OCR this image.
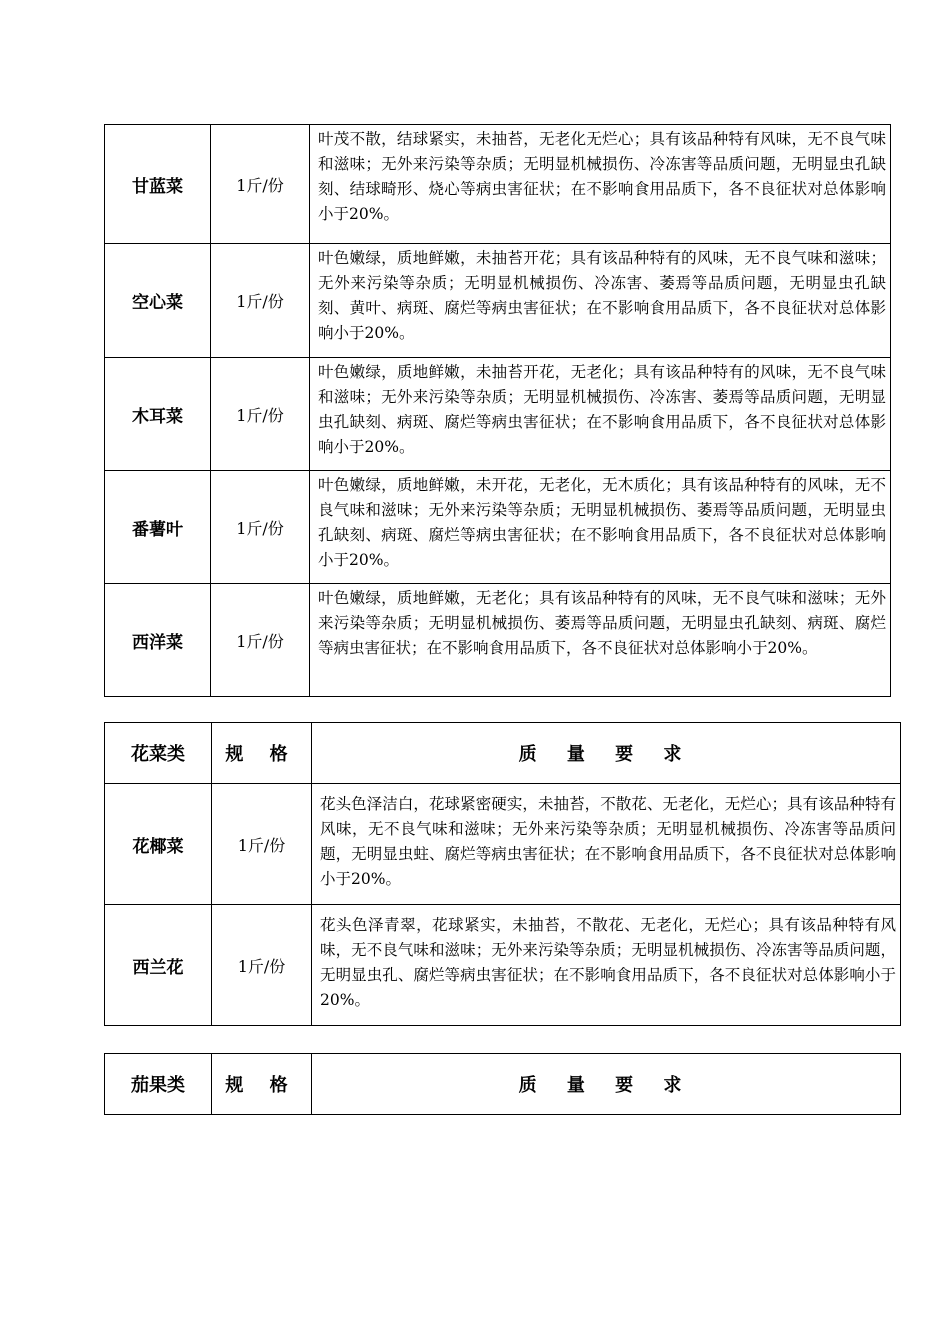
甘蓝菜	1斤/份	叶茂不散，结球紧实，未抽苔，无老化无烂心；具有该品种特有风味，无不良气味和滋味；无外来污染等杂质；无明显机械损伤、冷冻害等品质问题，无明显虫孔缺刻、结球畸形、烧心等病虫害征状；在不影响食用品质下，各不良征状对总体影响小于20%。
空心菜	1斤/份	叶色嫩绿，质地鲜嫩，未抽苔开花；具有该品种特有的风味，无不良气味和滋味；无外来污染等杂质；无明显机械损伤、冷冻害、萎焉等品质问题，无明显虫孔缺刻、黄叶、病斑、腐烂等病虫害征状；在不影响食用品质下，各不良征状对总体影响小于20%。
木耳菜	1斤/份	叶色嫩绿，质地鲜嫩，未抽苔开花，无老化；具有该品种特有的风味，无不良气味和滋味；无外来污染等杂质；无明显机械损伤、冷冻害、萎焉等品质问题，无明显虫孔缺刻、病斑、腐烂等病虫害征状；在不影响食用品质下，各不良征状对总体影响小于20%。
番薯叶	1斤/份	叶色嫩绿，质地鲜嫩，未开花，无老化，无木质化；具有该品种特有的风味，无不良气味和滋味；无外来污染等杂质；无明显机械损伤、萎焉等品质问题，无明显虫孔缺刻、病斑、腐烂等病虫害征状；在不影响食用品质下，各不良征状对总体影响小于20%。
西洋菜	1斤/份	叶色嫩绿，质地鲜嫩，无老化；具有该品种特有的风味，无不良气味和滋味；无外来污染等杂质；无明显机械损伤、萎焉等品质问题，无明显虫孔缺刻、病斑、腐烂等病虫害征状；在不影响食用品质下，各不良征状对总体影响小于20%。
花菜类	规 格	质 量 要 求
花椰菜	1斤/份	花头色泽洁白，花球紧密硬实，未抽苔，不散花、无老化，无烂心；具有该品种特有风味，无不良气味和滋味；无外来污染等杂质；无明显机械损伤、冷冻害等品质问题，无明显虫蛀、腐烂等病虫害征状；在不影响食用品质下，各不良征状对总体影响小于20%。
西兰花	1斤/份	花头色泽青翠，花球紧实，未抽苔，不散花、无老化，无烂心；具有该品种特有风味，无不良气味和滋味；无外来污染等杂质；无明显机械损伤、冷冻害等品质问题，无明显虫孔、腐烂等病虫害征状；在不影响食用品质下，各不良征状对总体影响小于20%。
茄果类	规 格	质 量 要 求
